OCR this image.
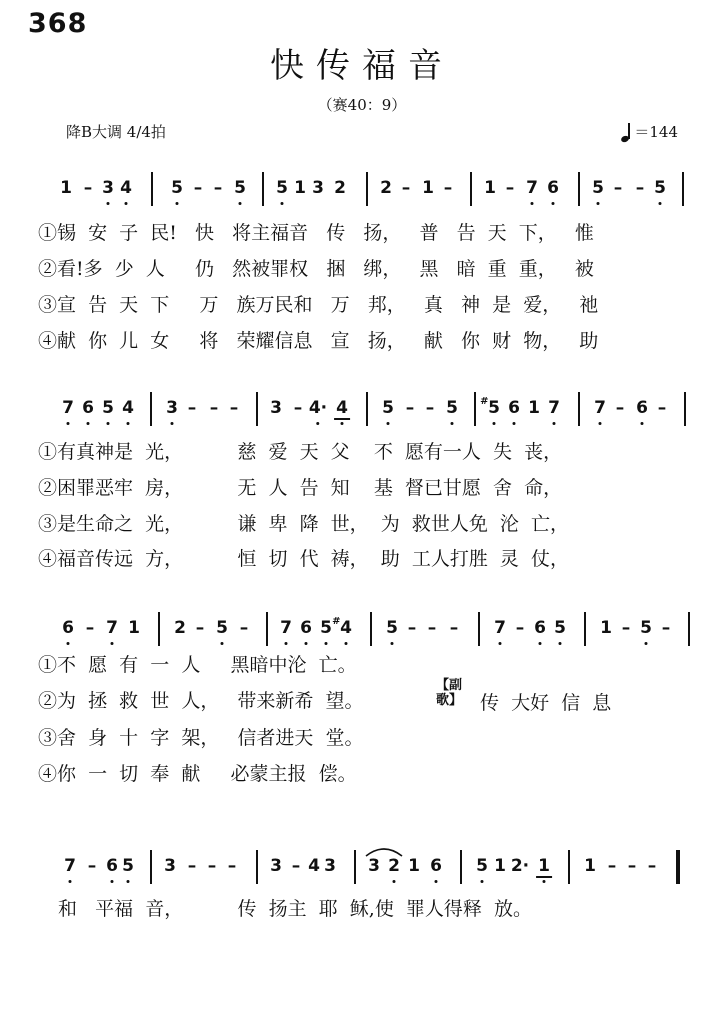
368
快传福音
（赛40：9）
降B大调 4/4拍	＝144
1 – 3 4 5 – – 5 5 1 3 2 2 – 1 – 1 – 7 6 5 – – 5
①锡  安  子  民!   快   将主福音   传   扬，   普   告  天  下，   惟
②看!多  少  人     仍   然被罪权   捆   绑，   黑   暗  重  重，   被
③宣  告  天  下     万   族万民和   万   邦，   真   神  是  爱，   祂
④献  你  儿  女     将   荣耀信息   宣   扬，   献   你  财  物，   助
7 6 5 4 3 – – – 3 – 4· 4 5 – – 5 5
# 6 1 7 7 – 6 –
①有真神是  光，         慈  爱  天  父    不  愿有一人  失  丧，
②困罪恶牢  房，         无  人  告  知    基  督已甘愿  舍  命，
③是生命之  光，         谦  卑  降  世，  为  救世人免  沦  亡，
④福音传远  方，         恒  切  代  祷，  助  工人打胜  灵  仗，
6 – 7 1 2 – 5 – 7 6 5 4
#	5 – – – 7 – 6 5 1 – 5 –
①不  愿  有  一  人     黑暗中沦  亡。
②为  拯  救  世  人，   带来新希  望。
③舍  身  十  字  架，   信者进天  堂。
④你  一  切  奉  献     必蒙主报  偿。
【副歌】 传  大好  信  息
7 – 6 5 3 – – – 3 – 4 3 3 2 1 6 5 1 2· 1 1 – – –
和   平福  音，         传  扬主  耶  稣,使  罪人得释  放。
